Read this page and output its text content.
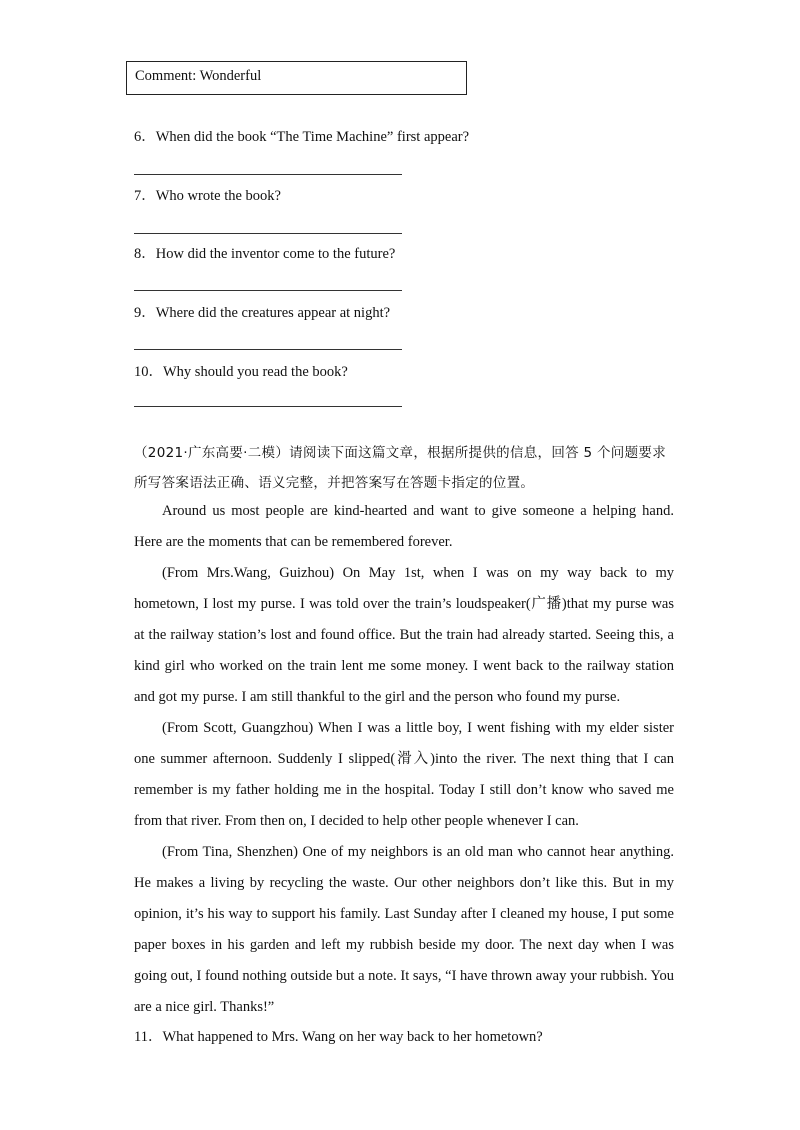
Comment: Wonderful
6．When did the book “The Time Machine” first appear?
7．Who wrote the book?
8．How did the inventor come to the future?
9．Where did the creatures appear at night?
10．Why should you read the book?
（2021·广东高要·二模）请阅读下面这篇文章，根据所提供的信息，回答 5 个问题要求
所写答案语法正确、语义完整，并把答案写在答题卡指定的位置。

Around us most people are kind-hearted and want to give someone a helping hand. Here are the moments that can be remembered forever.

(From Mrs.Wang, Guizhou) On May 1st, when I was on my way back to my hometown, I lost my purse. I was told over the train’s loudspeaker(广播)that my purse was at the railway station’s lost and found office. But the train had already started. Seeing this, a kind girl who worked on the train lent me some money. I went back to the railway station and got my purse. I am still thankful to the girl and the person who found my purse.

(From Scott, Guangzhou) When I was a little boy, I went fishing with my elder sister one summer afternoon. Suddenly I slipped(滑入)into the river. The next thing that I can remember is my father holding me in the hospital. Today I still don’t know who saved me from that river. From then on, I decided to help other people whenever I can.

(From Tina, Shenzhen) One of my neighbors is an old man who cannot hear anything. He makes a living by recycling the waste. Our other neighbors don’t like this. But in my opinion, it’s his way to support his family. Last Sunday after I cleaned my house, I put some paper boxes in his garden and left my rubbish beside my door. The next day when I was going out, I found nothing outside but a note. It says, “I have thrown away your rubbish. You are a nice girl. Thanks!”

11．What happened to Mrs. Wang on her way back to her hometown?
